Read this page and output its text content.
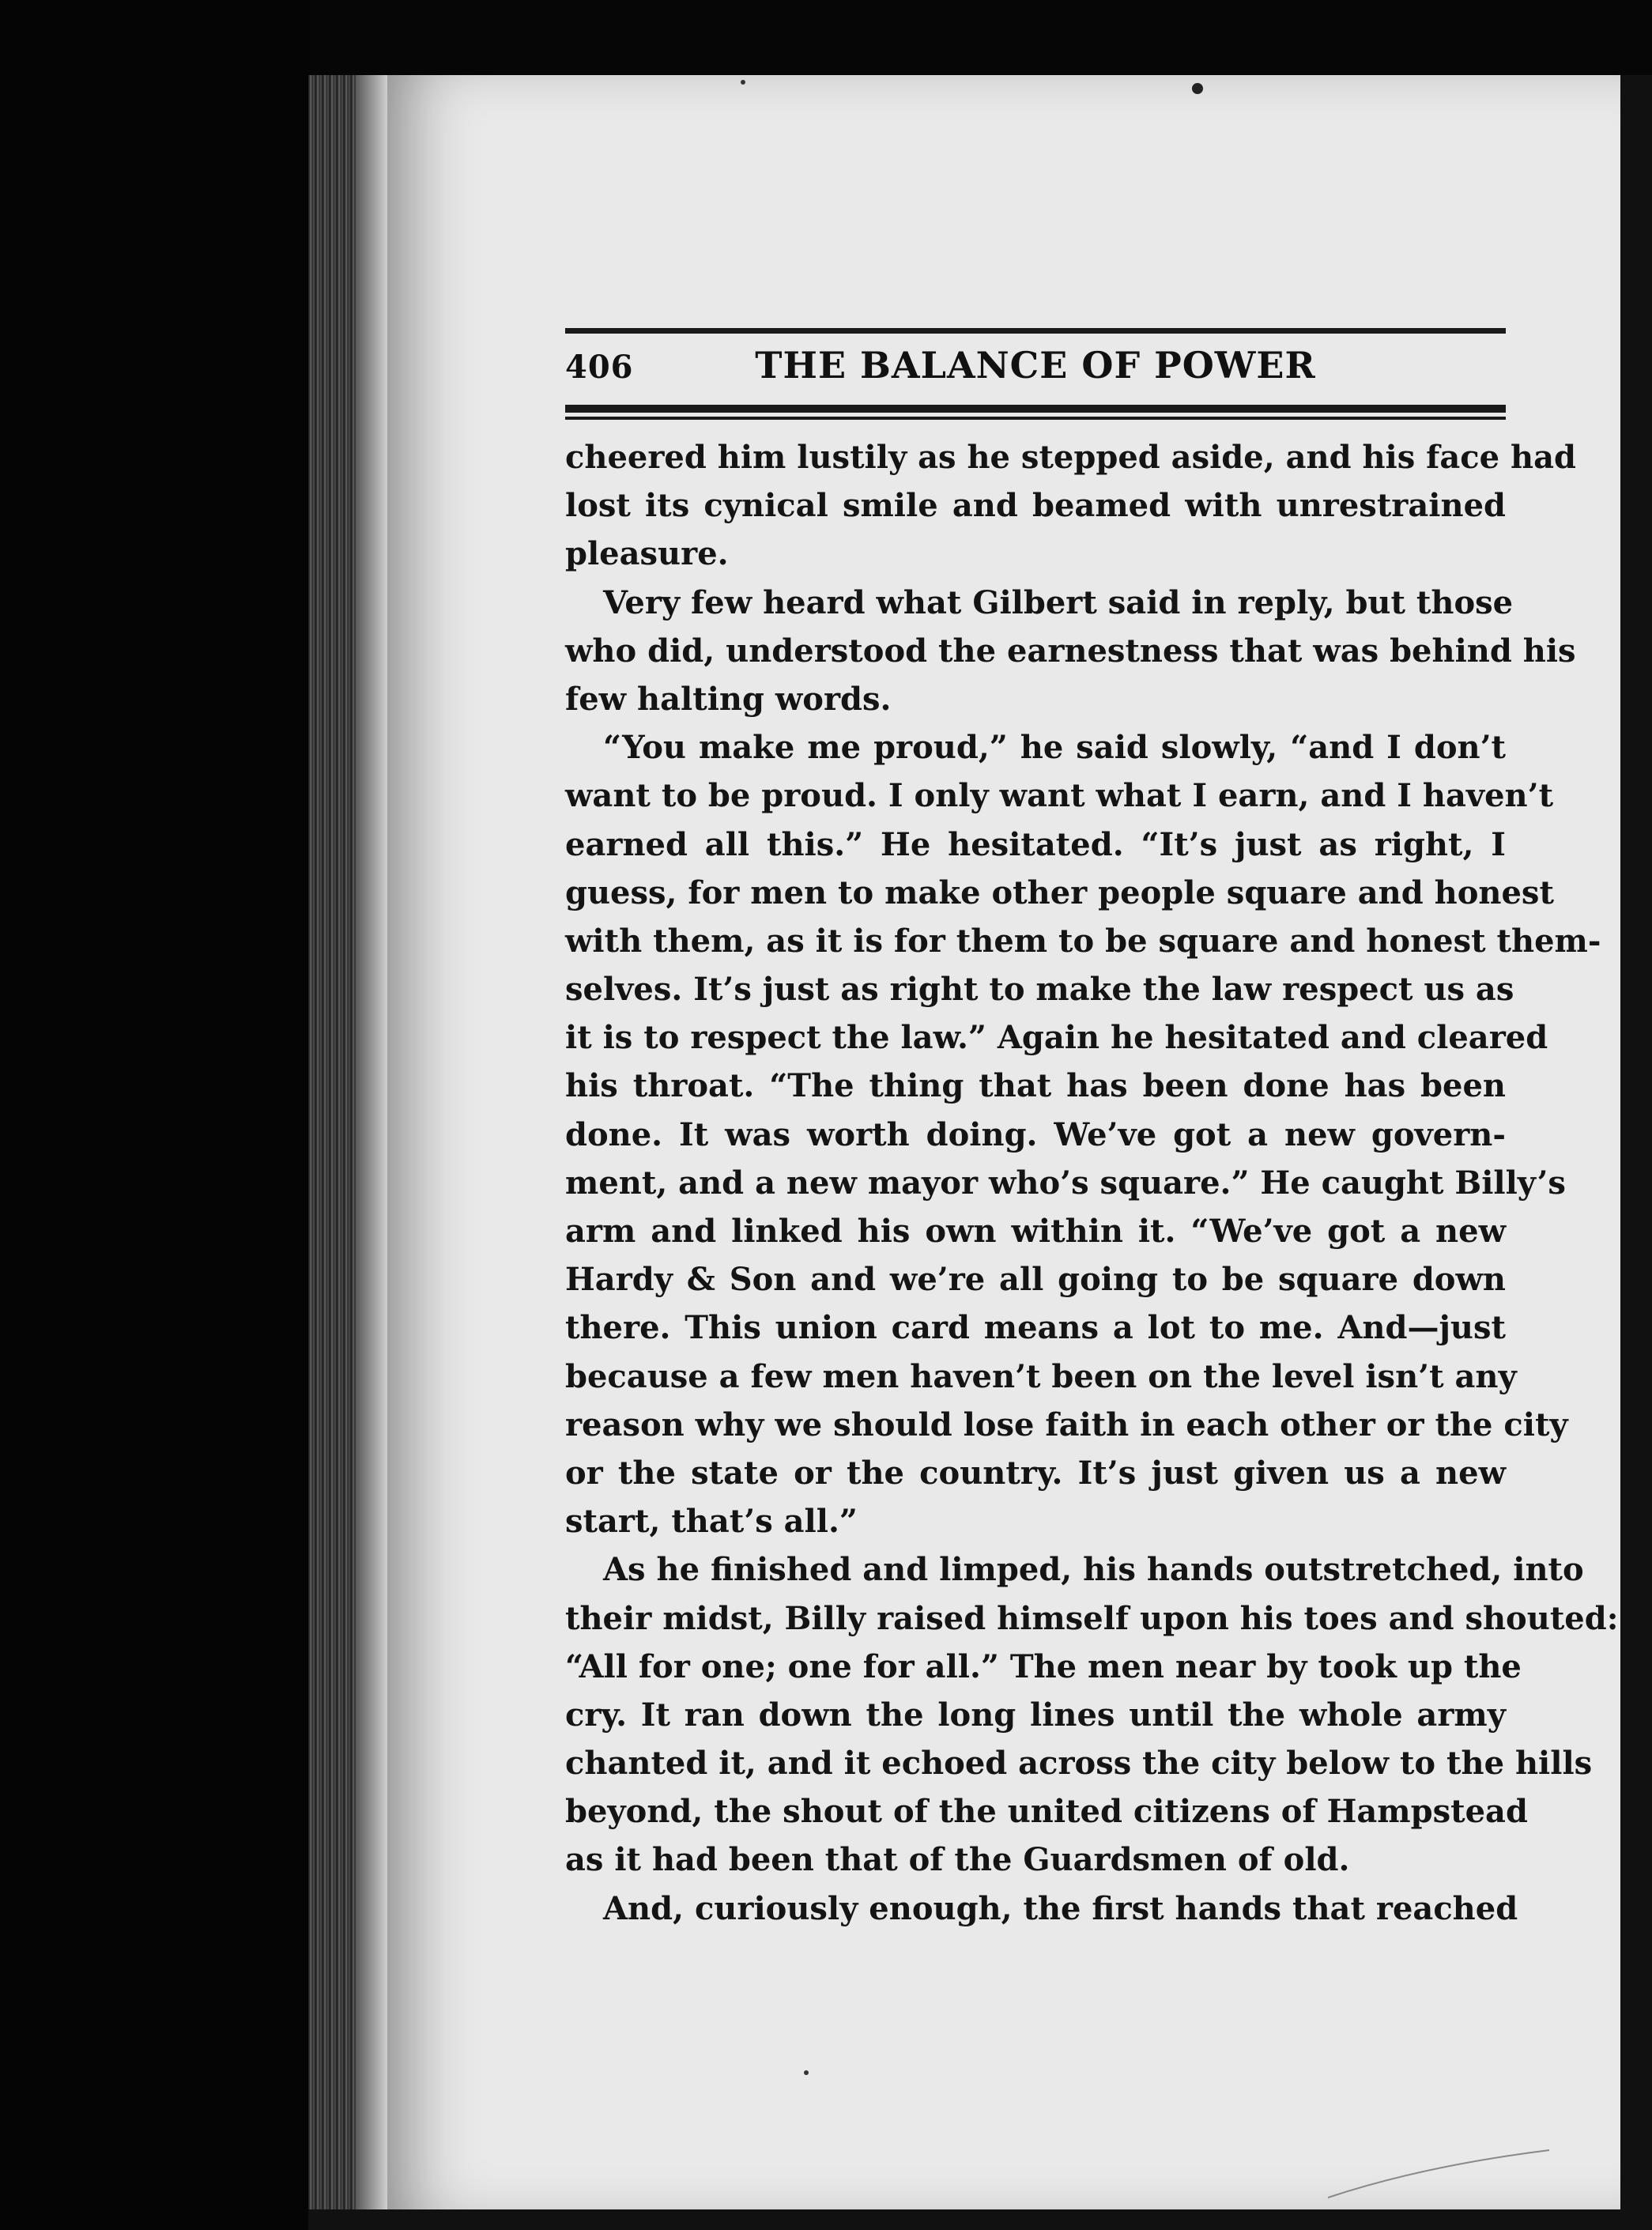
406	THE BALANCE OF POWER
cheered him lustily as he stepped aside, and his face had
lost its cynical smile and beamed with unrestrained
pleasure.
Very few heard what Gilbert said in reply, but those
who did, understood the earnestness that was behind his
few halting words.
“You make me proud,” he said slowly, “and I don’t
want to be proud. I only want what I earn, and I haven’t
earned all this.” He hesitated. “It’s just as right, I
guess, for men to make other people square and honest
with them, as it is for them to be square and honest them-
selves. It’s just as right to make the law respect us as
it is to respect the law.” Again he hesitated and cleared
his throat. “The thing that has been done has been
done. It was worth doing. We’ve got a new govern-
ment, and a new mayor who’s square.” He caught Billy’s
arm and linked his own within it. “We’ve got a new
Hardy & Son and we’re all going to be square down
there. This union card means a lot to me. And—just
because a few men haven’t been on the level isn’t any
reason why we should lose faith in each other or the city
or the state or the country. It’s just given us a new
start, that’s all.”
As he finished and limped, his hands outstretched, into
their midst, Billy raised himself upon his toes and shouted:
“All for one; one for all.” The men near by took up the
cry. It ran down the long lines until the whole army
chanted it, and it echoed across the city below to the hills
beyond, the shout of the united citizens of Hampstead
as it had been that of the Guardsmen of old.
And, curiously enough, the first hands that reached
